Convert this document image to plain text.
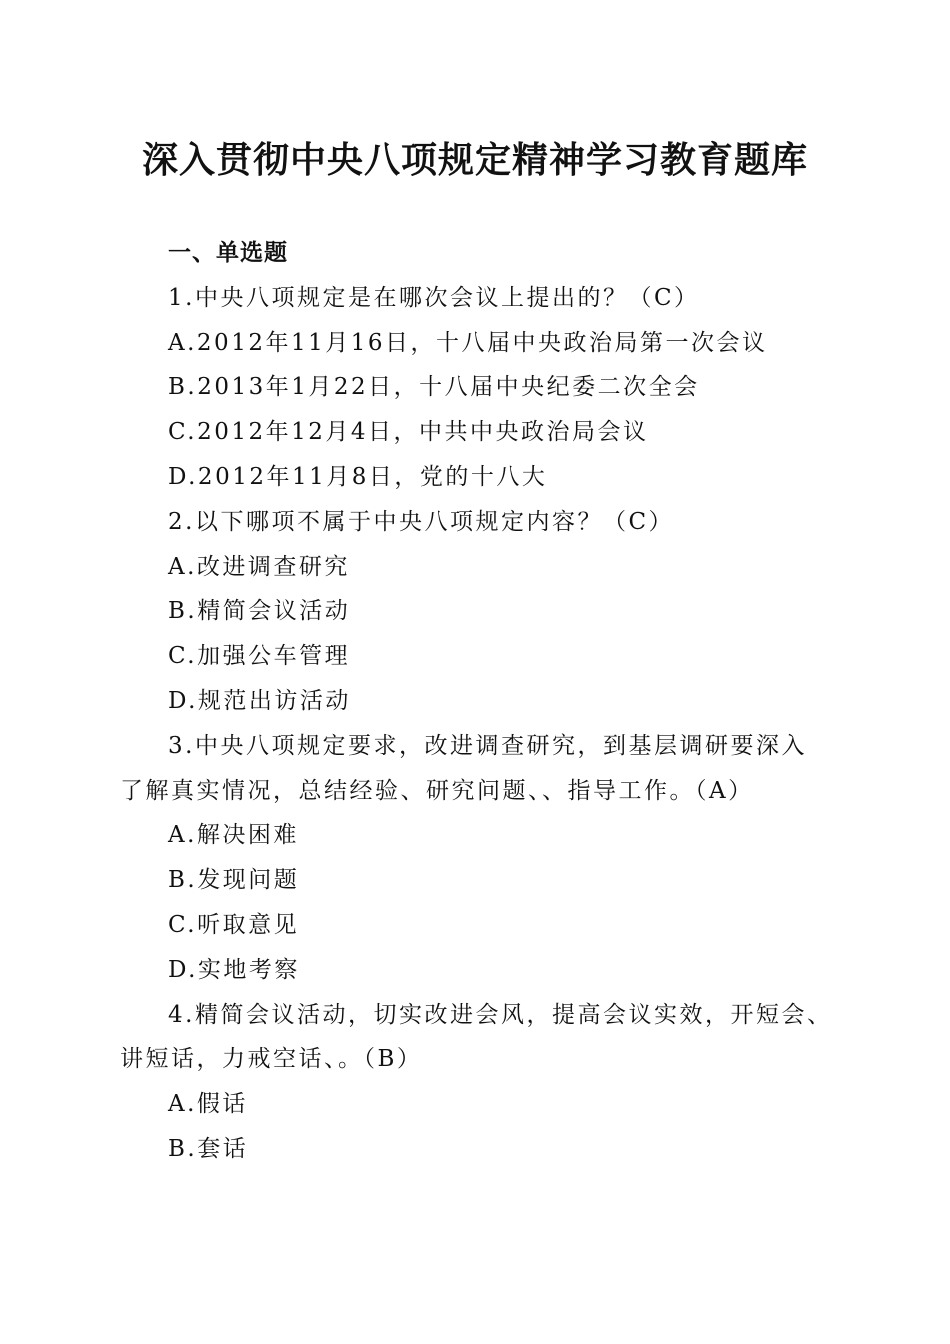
深入贯彻中央八项规定精神学习教育题库

一、单选题

1.中央八项规定是在哪次会议上提出的？（C）

A.2012年11月16日，十八届中央政治局第一次会议

B.2013年1月22日，十八届中央纪委二次全会

C.2012年12月4日，中共中央政治局会议

D.2012年11月8日，党的十八大

2.以下哪项不属于中央八项规定内容？（C）

A.改进调查研究

B.精简会议活动

C.加强公车管理

D.规范出访活动

3.中央八项规定要求，改进调查研究，到基层调研要深入

了解真实情况，总结经验、研究问题、、指导工作。（A）

A.解决困难

B.发现问题

C.听取意见

D.实地考察

4.精简会议活动，切实改进会风，提高会议实效，开短会、

讲短话，力戒空话、。（B）

A.假话

B.套话
